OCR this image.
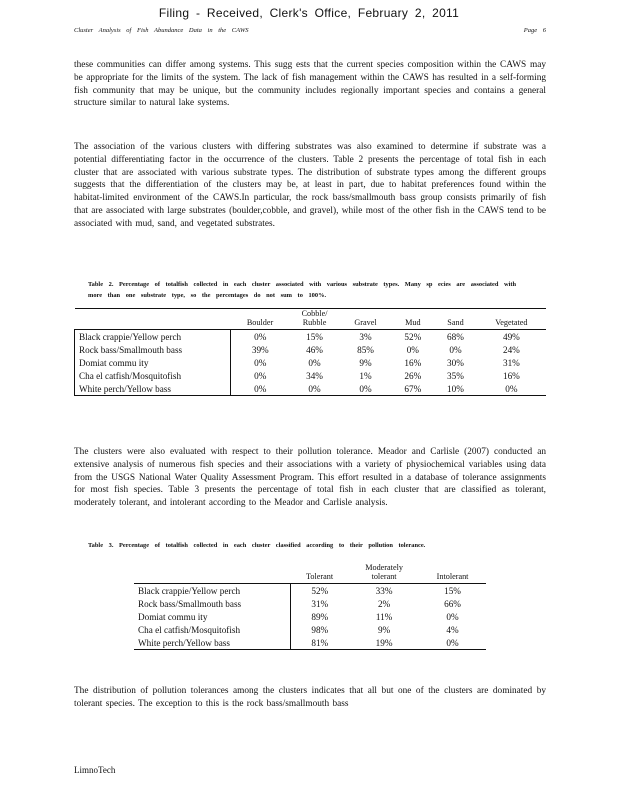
Filing - Received, Clerk's Office, February 2, 2011
Cluster Analysis of Fish Abundance Data in the CAWS	Page 6

these communities can differ among systems. This sugg ests that the current species composition within the CAWS may be appropriate for the limits of the system. The lack of fish management within the CAWS has resulted in a self-forming fish community that may be unique, but the community includes regionally important species and contains a general structure similar to natural lake systems.

The association of the various clusters with differing substrates was also examined to determine if substrate was a potential differentiating factor in the occurrence of the clusters. Table 2 presents the percentage of total fish in each cluster that are associated with various substrate types. The distribution of substrate types among the different groups suggests that the differentiation of the clusters may be, at least in part, due to habitat preferences found within the habitat-limited environment of the CAWS.In particular, the rock bass/smallmouth bass group consists primarily of fish that are associated with large substrates (boulder,cobble, and gravel), while most of the other fish in the CAWS tend to be associated with mud, sand, and vegetated substrates.

Table 2. Percentage of totalfish collected in each cluster associated with various substrate types. Many sp ecies are associated with more than one substrate type, so the percentages do not sum to 100%.

	Boulder	Cobble/ Rubble	Gravel	Mud	Sand	Vegetated
Black crappie/Yellow perch	0%	15%	3%	52%	68%	49%
Rock bass/Smallmouth bass	39%	46%	85%	0%	0%	24%
Domiat commu ity	0%	0%	9%	16%	30%	31%
Cha el catfish/Mosquitofish	0%	34%	1%	26%	35%	16%
White perch/Yellow bass	0%	0%	0%	67%	10%	0%

The clusters were also evaluated with respect to their pollution tolerance. Meador and Carlisle (2007) conducted an extensive analysis of numerous fish species and their associations with a variety of physiochemical variables using data from the USGS National Water Quality Assessment Program. This effort resulted in a database of tolerance assignments for most fish species. Table 3 presents the percentage of total fish in each cluster that are classified as tolerant, moderately tolerant, and intolerant according to the Meador and Carlisle analysis.

Table 3. Percentage of totalfish collected in each cluster classified according to their pollution tolerance.

	Tolerant	Moderately tolerant	Intolerant
Black crappie/Yellow perch	52%	33%	15%
Rock bass/Smallmouth bass	31%	2%	66%
Domiat commu ity	89%	11%	0%
Cha el catfish/Mosquitofish	98%	9%	4%
White perch/Yellow bass	81%	19%	0%

The distribution of pollution tolerances among the clusters indicates that all but one of the clusters are dominated by tolerant species. The exception to this is the rock bass/smallmouth bass

LimnoTech
